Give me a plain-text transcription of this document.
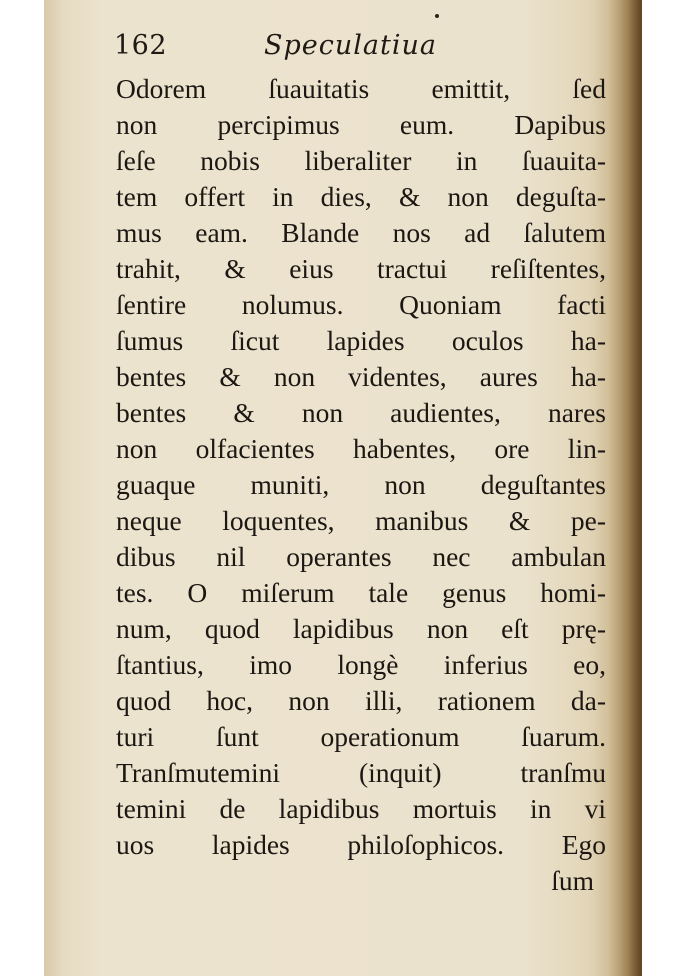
162	Speculatiua
Odorem ſuauitatis emittit, ſed
non percipimus eum. Dapibus
ſeſe nobis liberaliter in ſuauita-
tem offert in dies, & non deguſta-
mus eam. Blande nos ad ſalutem
trahit, & eius tractui reſiſtentes,
ſentire nolumus. Quoniam facti
ſumus ſicut lapides oculos ha-
bentes & non videntes, aures ha-
bentes & non audientes, nares
non olfacientes habentes, ore lin-
guaque muniti, non deguſtantes
neque loquentes, manibus & pe-
dibus nil operantes nec ambulan
tes. O miſerum tale genus homi-
num, quod lapidibus non eſt prę-
ſtantius, imo longè inferius eo,
quod hoc, non illi, rationem da-
turi ſunt operationum ſuarum.
Tranſmutemini (inquit) tranſmu
temini de lapidibus mortuis in vi
uos lapides philoſophicos. Ego
ſum
